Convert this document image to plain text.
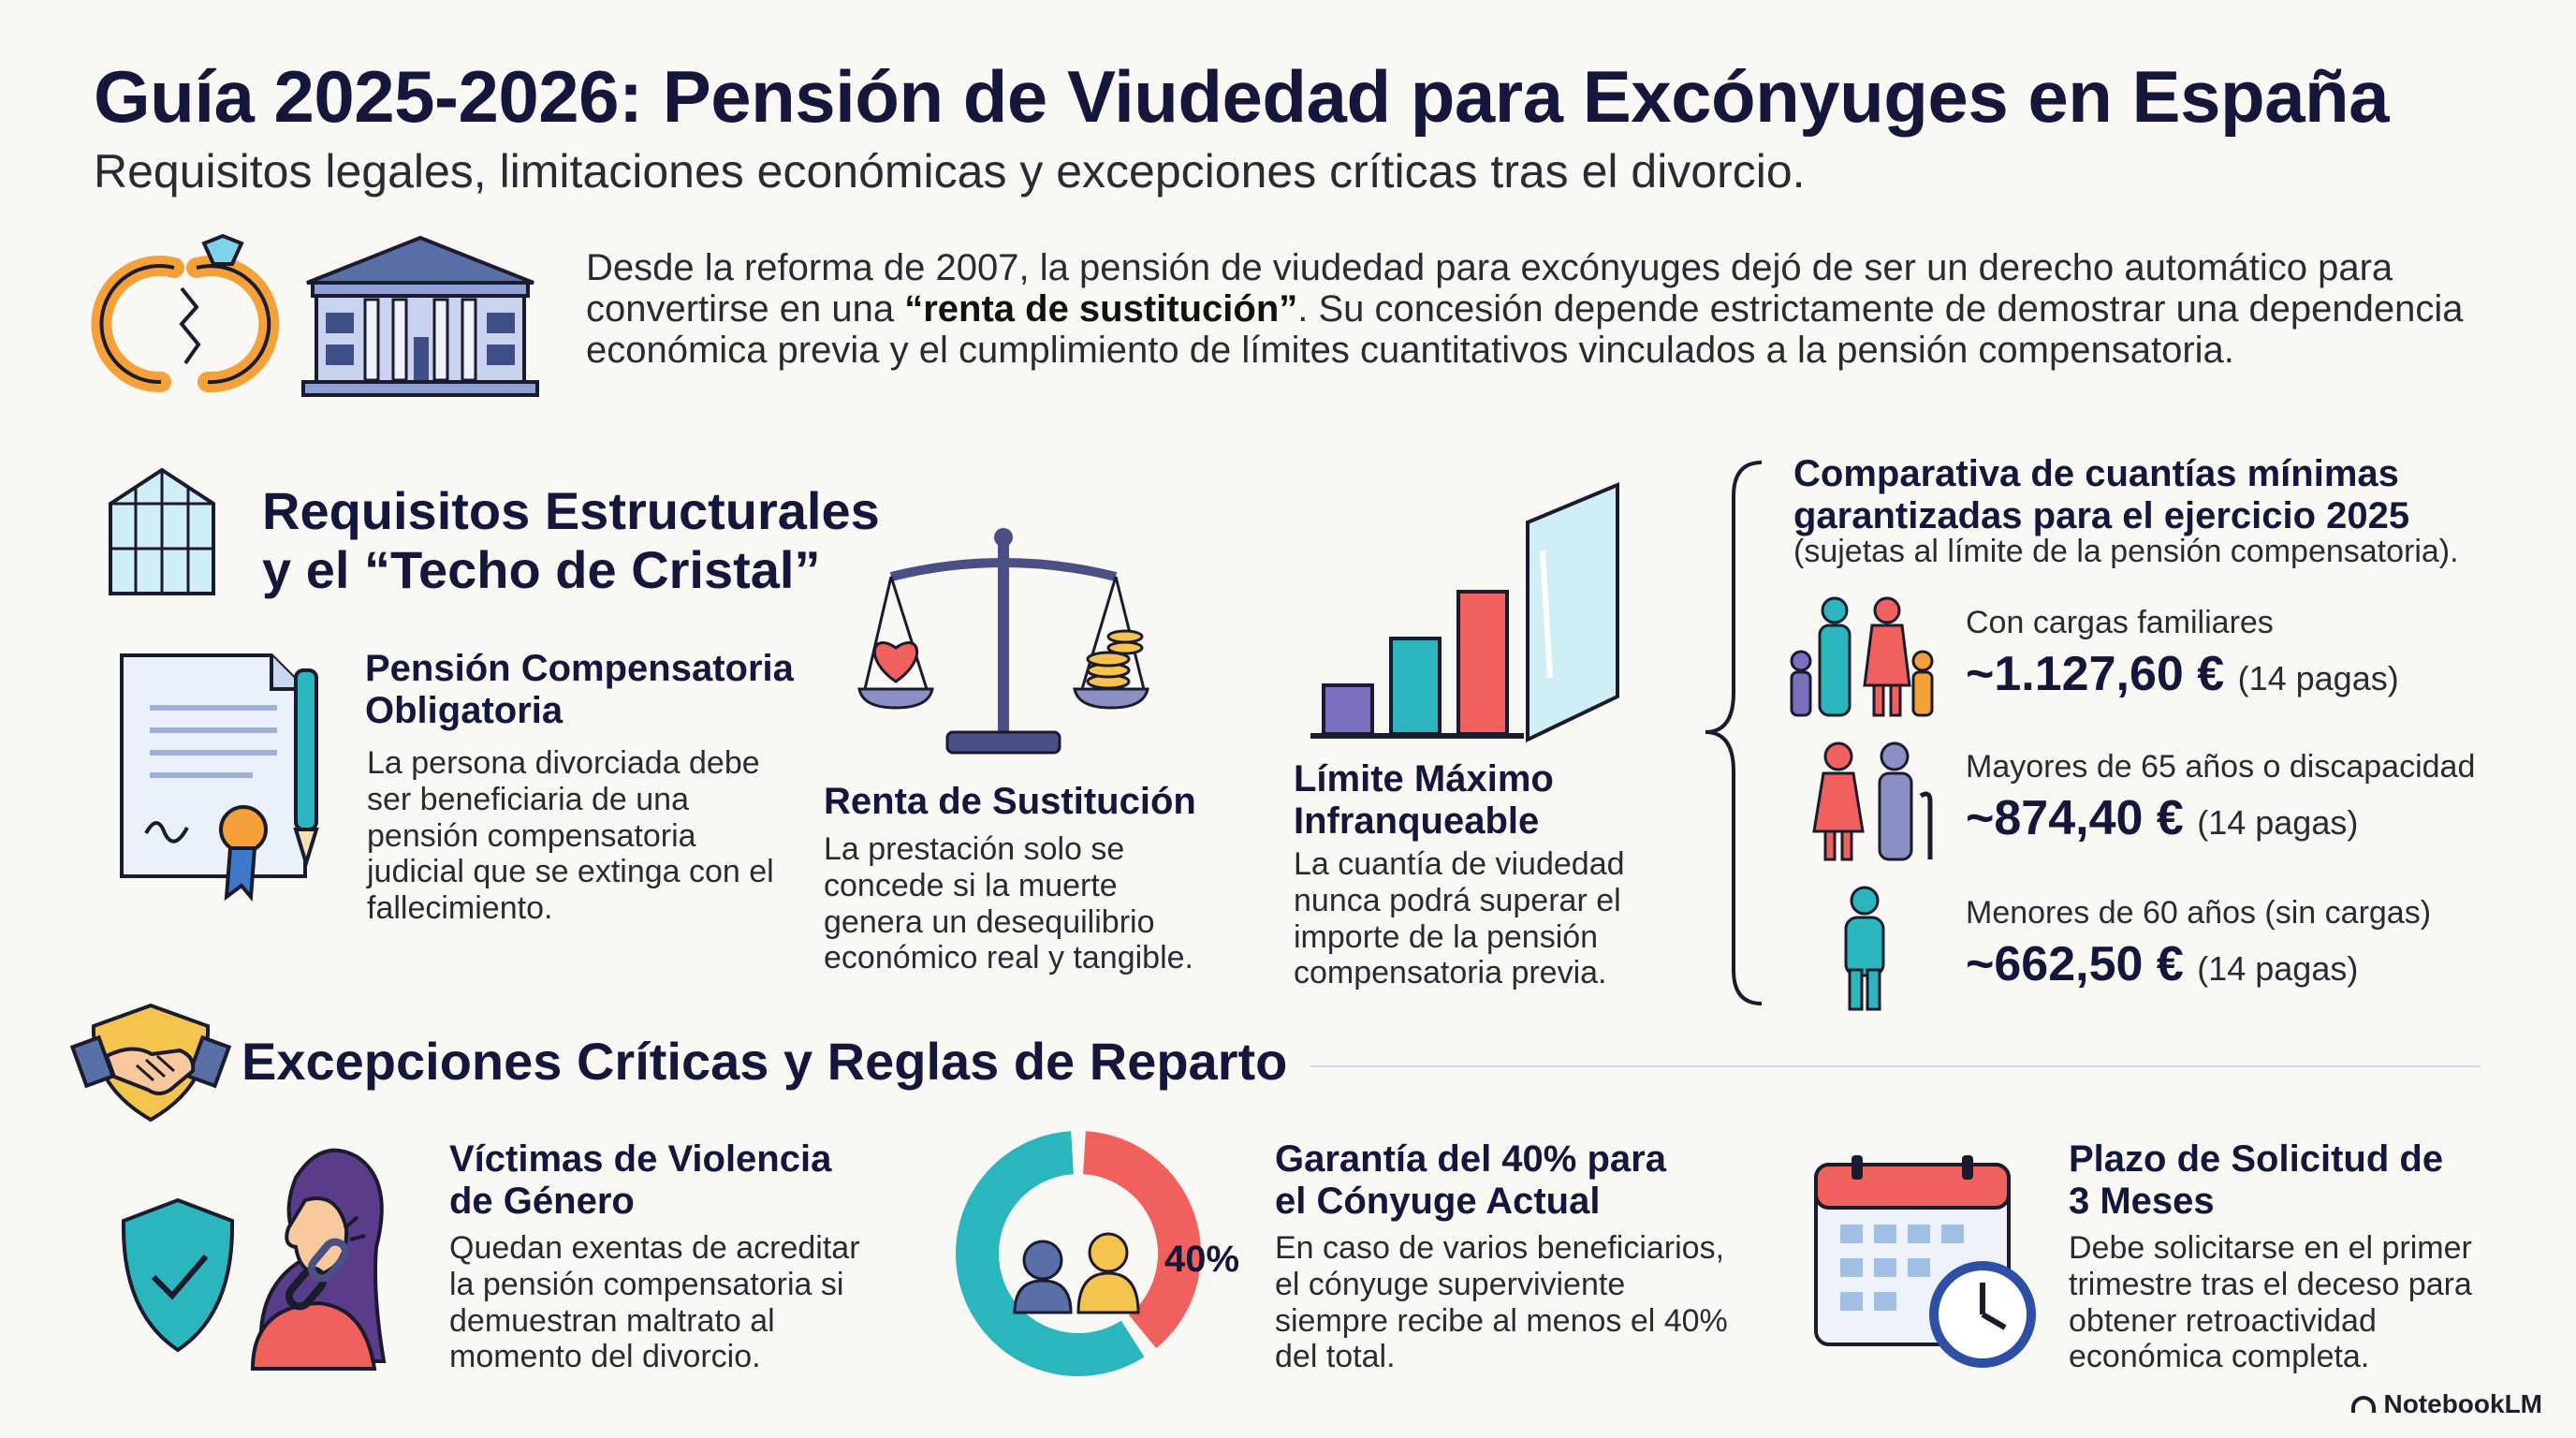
Guía 2025-2026: Pensión de Viudedad para Excónyuges en España
Requisitos legales, limitaciones económicas y excepciones críticas tras el divorcio.

Desde la reforma de 2007, la pensión de viudedad para excónyuges dejó de ser un derecho automático para convertirse en una “renta de sustitución”. Su concesión depende estrictamente de demostrar una dependencia económica previa y el cumplimiento de límites cuantitativos vinculados a la pensión compensatoria.

Requisitos Estructurales
y el “Techo de Cristal”
Pensión Compensatoria Obligatoria
La persona divorciada debe ser beneficiaria de una pensión compensatoria judicial que se extinga con el fallecimiento.
Renta de Sustitución
La prestación solo se concede si la muerte genera un desequilibrio económico real y tangible.
Límite Máximo Infranqueable
La cuantía de viudedad nunca podrá superar el importe de la pensión compensatoria previa.
Comparativa de cuantías mínimas garantizadas para el ejercicio 2025
(sujetas al límite de la pensión compensatoria).
Con cargas familiares
~1.127,60 € (14 pagas)
Mayores de 65 años o discapacidad
~874,40 € (14 pagas)
Menores de 60 años (sin cargas)
~662,50 € (14 pagas)
Excepciones Críticas y Reglas de Reparto
Víctimas de Violencia de Género
Quedan exentas de acreditar la pensión compensatoria si demuestran maltrato al momento del divorcio.
40%
Garantía del 40% para el Cónyuge Actual
En caso de varios beneficiarios, el cónyuge superviviente siempre recibe al menos el 40% del total.
Plazo de Solicitud de 3 Meses
Debe solicitarse en el primer trimestre tras el deceso para obtener retroactividad económica completa.
NotebookLM
